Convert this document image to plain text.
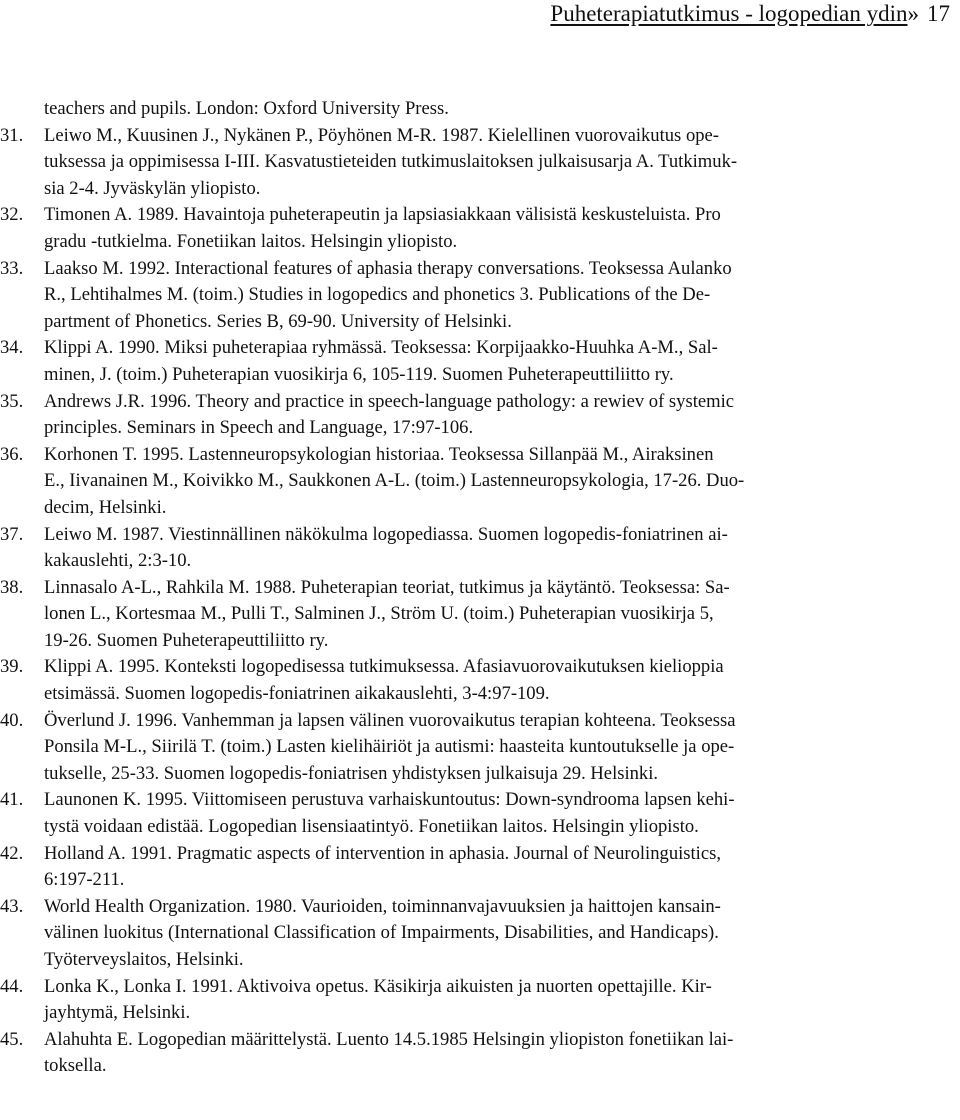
Puheterapiatutkimus - logopedian ydin» 17
teachers and pupils. London: Oxford University Press.
31.	Leiwo M., Kuusinen J., Nykänen P., Pöyhönen M-R. 1987. Kielellinen vuorovaikutus ope-
tuksessa ja oppimisessa I-III. Kasvatustieteiden tutkimuslaitoksen julkaisusarja A. Tutkimuk-
sia 2-4. Jyväskylän yliopisto.
32.	Timonen A. 1989. Havaintoja puheterapeutin ja lapsiasiakkaan välisistä keskusteluista. Pro
gradu -tutkielma. Fonetiikan laitos. Helsingin yliopisto.
33.	Laakso M. 1992. Interactional features of aphasia therapy conversations. Teoksessa Aulanko
R., Lehtihalmes M. (toim.) Studies in logopedics and phonetics 3. Publications of the De-
partment of Phonetics. Series B, 69-90. University of Helsinki.
34.	Klippi A. 1990. Miksi puheterapiaa ryhmässä. Teoksessa: Korpijaakko-Huuhka A-M., Sal-
minen, J. (toim.) Puheterapian vuosikirja 6, 105-119. Suomen Puheterapeuttiliitto ry.
35.	Andrews J.R. 1996. Theory and practice in speech-language pathology: a rewiev of systemic
principles. Seminars in Speech and Language, 17:97-106.
36.	Korhonen T. 1995. Lastenneuropsykologian historiaa. Teoksessa Sillanpää M., Airaksinen
E., Iivanainen M., Koivikko M., Saukkonen A-L. (toim.) Lastenneuropsykologia, 17-26. Duo-
decim, Helsinki.
37.	Leiwo M. 1987. Viestinnällinen näkökulma logopediassa. Suomen logopedis-foniatrinen ai-
kakauslehti, 2:3-10.
38.	Linnasalo A-L., Rahkila M. 1988. Puheterapian teoriat, tutkimus ja käytäntö. Teoksessa: Sa-
lonen L., Kortesmaa M., Pulli T., Salminen J., Ström U. (toim.) Puheterapian vuosikirja 5,
19-26. Suomen Puheterapeuttiliitto ry.
39.	Klippi A. 1995. Konteksti logopedisessa tutkimuksessa. Afasiavuorovaikutuksen kielioppia
etsimässä. Suomen logopedis-foniatrinen aikakauslehti, 3-4:97-109.
40.	Överlund J. 1996. Vanhemman ja lapsen välinen vuorovaikutus terapian kohteena. Teoksessa
Ponsila M-L., Siirilä T. (toim.) Lasten kielihäiriöt ja autismi: haasteita kuntoutukselle ja ope-
tukselle, 25-33. Suomen logopedis-foniatrisen yhdistyksen julkaisuja 29. Helsinki.
41.	Launonen K. 1995. Viittomiseen perustuva varhaiskuntoutus: Down-syndrooma lapsen kehi-
tystä voidaan edistää. Logopedian lisensiaatintyö. Fonetiikan laitos. Helsingin yliopisto.
42.	Holland A. 1991. Pragmatic aspects of intervention in aphasia. Journal of Neurolinguistics,
6:197-211.
43.	World Health Organization. 1980. Vaurioiden, toiminnanvajavuuksien ja haittojen kansain-
välinen luokitus (International Classification of Impairments, Disabilities, and Handicaps).
Työterveyslaitos, Helsinki.
44.	Lonka K., Lonka I. 1991. Aktivoiva opetus. Käsikirja aikuisten ja nuorten opettajille. Kir-
jayhtymä, Helsinki.
45.	Alahuhta E. Logopedian määrittelystä. Luento 14.5.1985 Helsingin yliopiston fonetiikan lai-
toksella.
